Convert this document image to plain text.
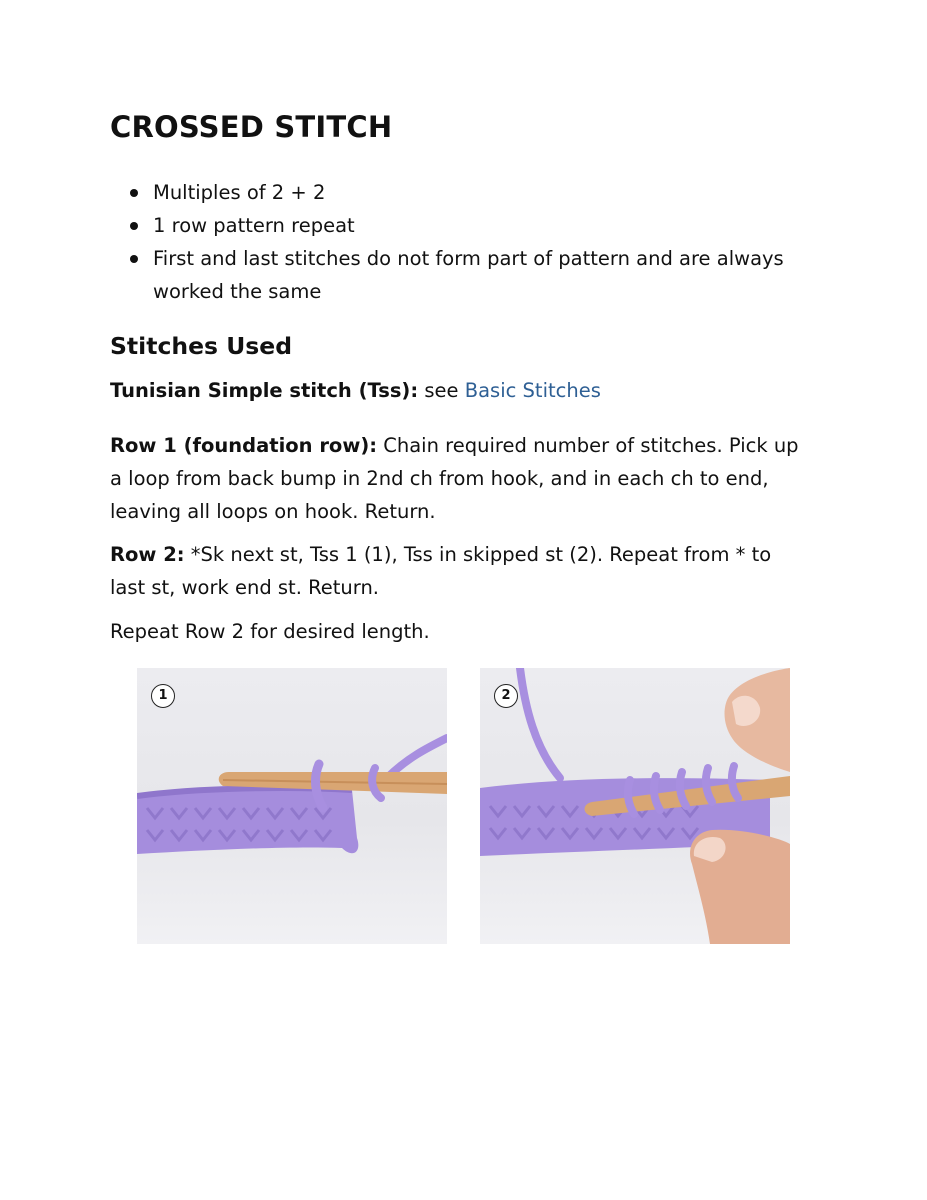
CROSSED STITCH
Multiples of 2 + 2
1 row pattern repeat
First and last stitches do not form part of pattern and are always worked the same
Stitches Used

Tunisian Simple stitch (Tss): see Basic Stitches

Row 1 (foundation row): Chain required number of stitches. Pick up a loop from back bump in 2nd ch from hook, and in each ch to end, leaving all loops on hook. Return.

Row 2: *Sk next st, Tss 1 (1), Tss in skipped st (2). Repeat from * to last st, work end st. Return.

Repeat Row 2 for desired length.

1	2
